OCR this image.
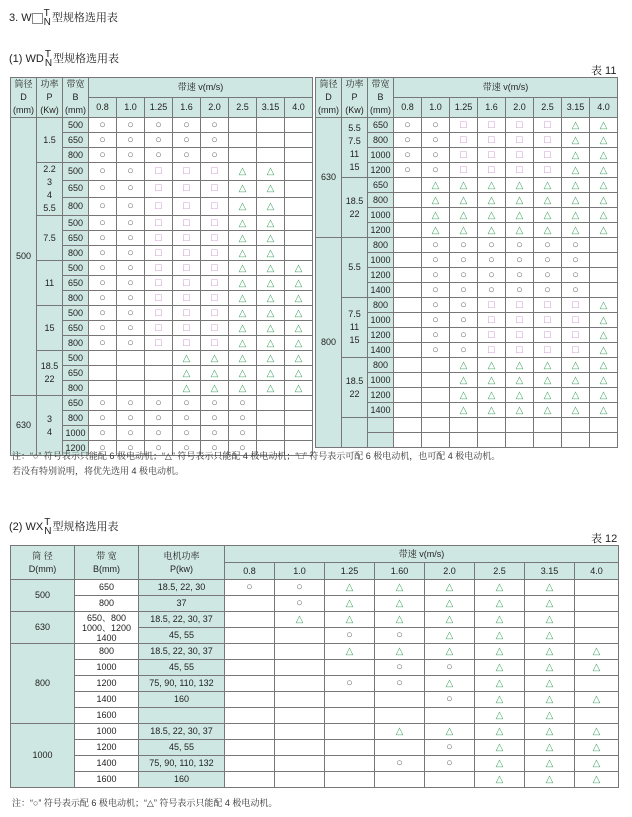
3. W T
N 型规格选用表
(1) WD T
N 型规格选用表
表 11
筒径
D
(mm)	功率
P
(Kw)	带宽
B
(mm)	带速 v(m/s)							
			0.8	1.0	1.25	1.6	2.0	2.5	3.15	4.0
500	1.5	500	○	○	○	○	○			
		650	○	○	○	○	○			
		800	○	○	○	○	○			
	2.2
3
4
5.5	500	○	○	□	□	□	△	△	
		650	○	○	□	□	□	△	△	
		800	○	○	□	□	□	△	△	
	7.5	500	○	○	□	□	□	△	△	
		650	○	○	□	□	□	△	△	
		800	○	○	□	□	□	△	△	
	11	500	○	○	□	□	□	△	△	△
		650	○	○	□	□	□	△	△	△
		800	○	○	□	□	□	△	△	△
	15	500	○	○	□	□	□	△	△	△
		650	○	○	□	□	□	△	△	△
		800	○	○	□	□	□	△	△	△
	18.5
22	500				△	△	△	△	△
		650				△	△	△	△	△
		800				△	△	△	△	△
630	3
4	650	○	○	○	○	○	○		
		800	○	○	○	○	○	○		
		1000	○	○	○	○	○	○		
		1200	○	○	○	○	○	○		
筒径
D
(mm)	功率
P
(Kw)	带宽
B
(mm)	带速 v(m/s)							
			0.8	1.0	1.25	1.6	2.0	2.5	3.15	4.0
630	5.5
7.5
11
15	650	○	○	□	□	□	□	△	△
		800	○	○	□	□	□	□	△	△
		1000	○	○	□	□	□	□	△	△
		1200	○	○	□	□	□	□	△	△
	18.5
22	650		△	△	△	△	△	△	△
		800		△	△	△	△	△	△	△
		1000		△	△	△	△	△	△	△
		1200		△	△	△	△	△	△	△
800	5.5	800		○	○	○	○	○	○	
		1000		○	○	○	○	○	○	
		1200		○	○	○	○	○	○	
		1400		○	○	○	○	○	○	
	7.5
11
15	800		○	○	□	□	□	□	△
		1000		○	○	□	□	□	□	△
		1200		○	○	□	□	□	□	△
		1400		○	○	□	□	□	□	△
	18.5
22	800			△	△	△	△	△	△
		1000			△	△	△	△	△	△
		1200			△	△	△	△	△	△
		1400			△	△	△	△	△	△

注：“○” 符号表示只能配 6 极电动机；“△” 符号表示只能配 4 极电动机；“□” 符号表示可配 6 极电动机，也可配 4 极电动机。
若没有特别说明，将优先选用 4 极电动机。
(2) WX T
N 型规格选用表
表 12
筒 径
D(mm)	带 宽
B(mm)	电机功率
P(kw)	带速 v(m/s)							
			0.8	1.0	1.25	1.60	2.0	2.5	3.15	4.0
500	650	18.5, 22, 30	○	○	△	△	△	△	△	
	800	37		○	△	△	△	△	△	
630	650、800
1000、1200
1400	18.5, 22, 30, 37		△	△	△	△	△	△	
		45, 55			○	○	△	△	△	
800	800	18.5, 22, 30, 37			△	△	△	△	△	△
	1000	45, 55				○	○	△	△	△
	1200	75, 90, 110, 132			○	○	△	△	△	
	1400	160					○	△	△	△
	1600							△	△	
1000	1000	18.5, 22, 30, 37				△	△	△	△	△
	1200	45, 55					○	△	△	△
	1400	75, 90, 110, 132				○	○	△	△	△
	1600	160						△	△	△
注：“○” 符号表示配 6 极电动机；“△” 符号表示只能配 4 极电动机。
